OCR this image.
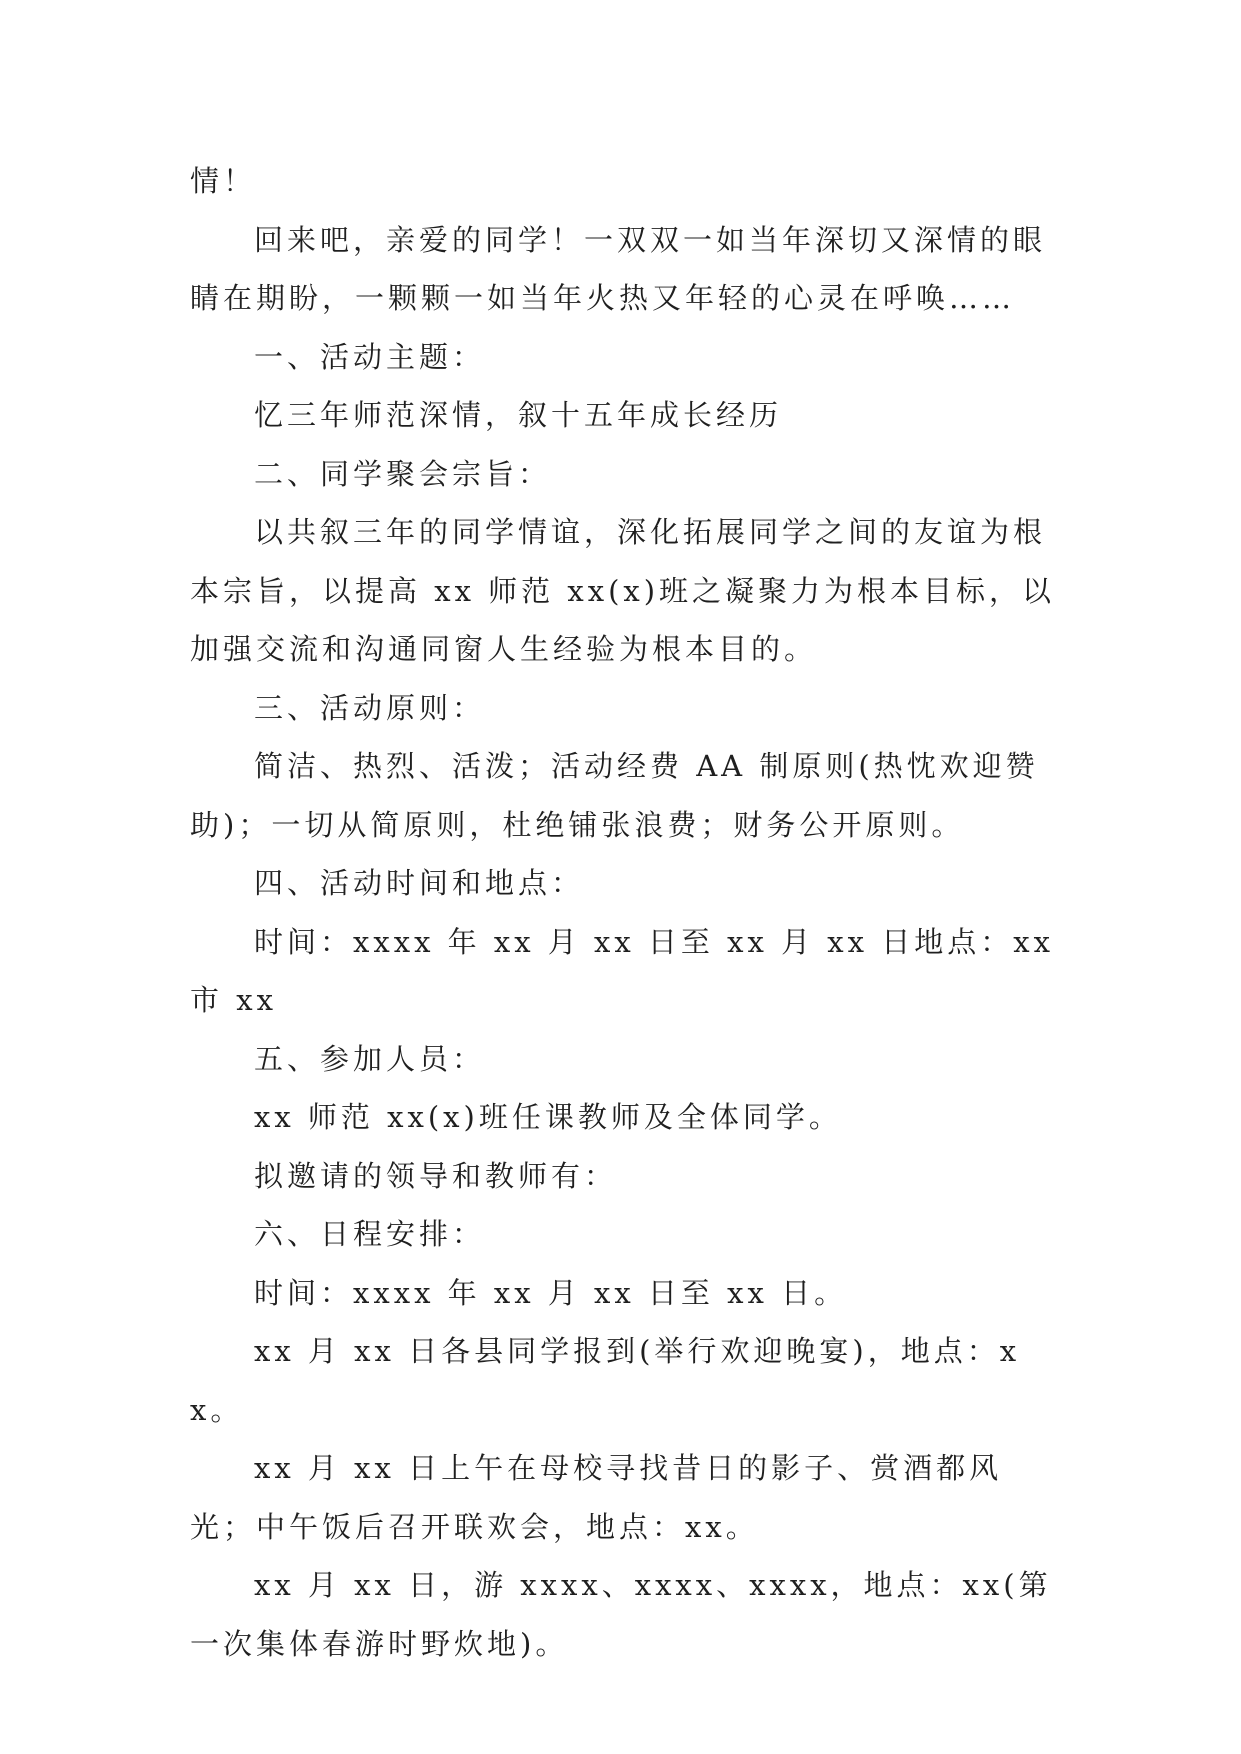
情！

回来吧，亲爱的同学！一双双一如当年深切又深情的眼睛在期盼，一颗颗一如当年火热又年轻的心灵在呼唤……

一、活动主题：

忆三年师范深情，叙十五年成长经历

二、同学聚会宗旨：

以共叙三年的同学情谊，深化拓展同学之间的友谊为根本宗旨，以提高 xx 师范 xx(x)班之凝聚力为根本目标，以加强交流和沟通同窗人生经验为根本目的。

三、活动原则：

简洁、热烈、活泼；活动经费 AA 制原则(热忱欢迎赞助)；一切从简原则，杜绝铺张浪费；财务公开原则。

四、活动时间和地点：

时间：xxxx 年 xx 月 xx 日至 xx 月 xx 日地点：xx 市 xx

五、参加人员：

xx 师范 xx(x)班任课教师及全体同学。

拟邀请的领导和教师有：

六、日程安排：

时间：xxxx 年 xx 月 xx 日至 xx 日。

xx 月 xx 日各县同学报到(举行欢迎晚宴)，地点：xx。

xx 月 xx 日上午在母校寻找昔日的影子、赏酒都风光；中午饭后召开联欢会，地点：xx。

xx 月 xx 日，游 xxxx、xxxx、xxxx，地点：xx(第一次集体春游时野炊地)。
